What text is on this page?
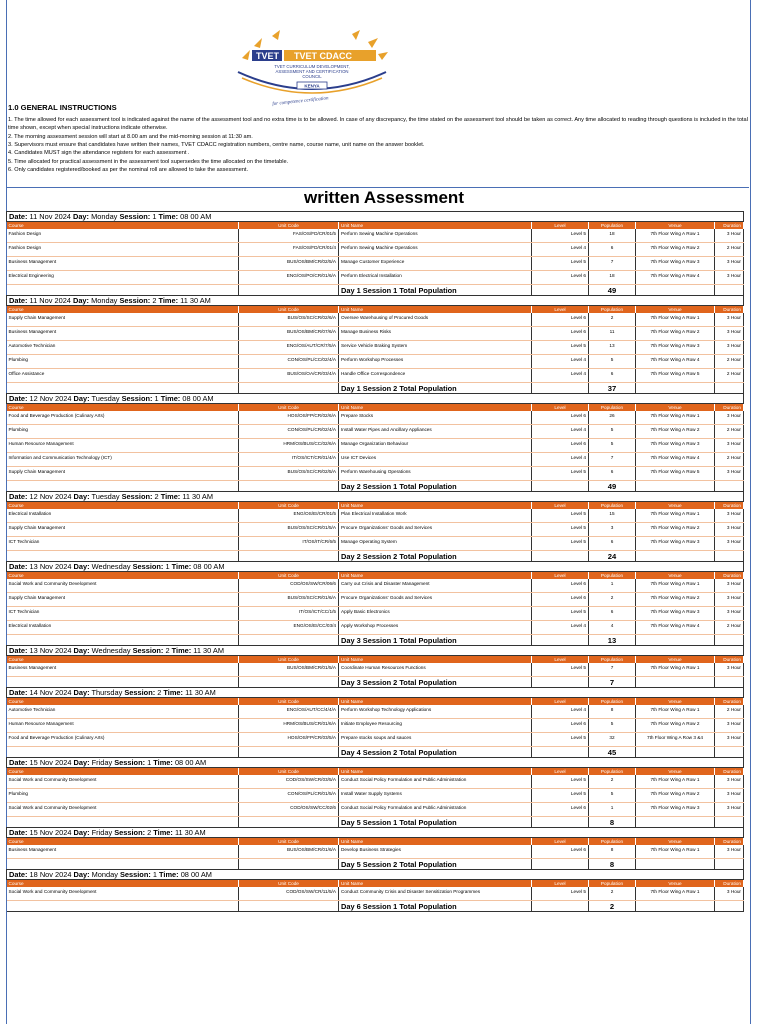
TVET TVET CDACC
TVET CURRICULUM DEVELOPMENT,
ASSESSMENT AND CERTIFICATION
COUNCIL
KENYA
for competence certification
1.0 GENERAL INSTRUCTIONS

1. The time allowed for each assessment tool is indicated against the name of the assessment tool and no extra time is to be allowed. In case of any discrepancy, the time stated on the assessment tool should be taken as correct. Any time allocated to reading through questions is included in the total time shown, except when special instructions indicate otherwise.

2. The morning assessment session will start at 8.00 am and the mid-morning session at 11:30 am.

3. Supervisors must ensure that candidates have written their names, TVET CDACC registration numbers, centre name, course name, unit name on the answer booklet.

4. Candidates MUST sign the attendance registers for each assessment .

5. Time allocated for practical assessment in the assessment tool supersedes the time allocated on the timetable.

6. Only candidates registered/booked as per the nominal roll are allowed to take the assessment.

written Assessment
Date: 11 Nov 2024 Day: Monday Session: 1 Time: 08 00 AM						
Course	Unit Code	Unit Name	Level	Population	Venue	Duration
Fashion Design	FAS/OS/FD/CR/01/5	Perform Sewing Machine Operations	Level 5	18	7th Floor Wing A Row 1	3 Hour
Fashion Design	FAS/OS/FD/CR/01/4	Perform Sewing Machine Operations	Level 4	6	7th Floor Wing A Row 2	2 Hour
Business Management	BUS/OS/BM/CR/02/5/A	Manage Customer Experience	Level 5	7	7th Floor Wing A Row 3	3 Hour
Electrical Engineering	ENG/OS/PO/CR/01/6/A	Perform Electrical Installation	Level 6	18	7th Floor Wing A Row 4	3 Hour
		Day 1 Session 1 Total Population		49		
Date: 11 Nov 2024 Day: Monday Session: 2 Time: 11 30 AM						
Course	Unit Code	Unit Name	Level	Population	Venue	Duration
Supply Chain Management	BUS/OS/SC/CR/02/6/A	Oversee Warehousing of Procured Goods	Level 6	2	7th Floor Wing A Row 1	3 Hour
Business Management	BUS/OS/BM/CR/07/6/A	Manage Business Risks	Level 6	11	7th Floor Wing A Row 2	3 Hour
Automotive Technician	ENG/OS/AUT/CR/7/5/A	Service Vehicle Braking System	Level 5	13	7th Floor Wing A Row 3	3 Hour
Plumbing	CON/OS/PL/CC/02/4/A	Perform Workshop Processes	Level 4	5	7th Floor Wing A Row 4	2 Hour
Office Assistance	BUS/OS/OA/CR/03/4/A	Handle Office Correspondence	Level 4	6	7th Floor Wing A Row 5	2 Hour
		Day 1 Session 2 Total Population		37		
Date: 12 Nov 2024 Day: Tuesday Session: 1 Time: 08 00 AM						
Course	Unit Code	Unit Name	Level	Population	Venue	Duration
Food and Beverage Production (Culinary Arts)	HOS/OS/FP/CR/02/6/A	Prepare Stocks	Level 6	26	7th Floor Wing A Row 1	3 Hour
Plumbing	CON/OS/PL/CR/02/4/A	Install Water Pipes and Ancillary Appliances	Level 4	5	7th Floor Wing A Row 2	2 Hour
Human Resource Management	HRM/OS/BUS/CC/02/6/A	Manage Organization Behaviour	Level 6	5	7th Floor Wing A Row 3	3 Hour
Information and Communication Technology (ICT)	IT/OS/ICT/CR/01/4/A	Use ICT Devices	Level 4	7	7th Floor Wing A Row 4	2 Hour
Supply Chain Management	BUS/OS/SC/CR/02/5/A	Perform Warehousing Operations	Level 5	6	7th Floor Wing A Row 5	3 Hour
		Day 2 Session 1 Total Population		49		
Date: 12 Nov 2024 Day: Tuesday Session: 2 Time: 11 30 AM						
Course	Unit Code	Unit Name	Level	Population	Venue	Duration
Electrical Installation	ENG/OS/EI/CR/01/5	Plan Electrical Installation Work	Level 5	15	7th Floor Wing A Row 1	3 Hour
Supply Chain Management	BUS/OS/SC/CR/01/5/A	Procure Organizations' Goods and Services	Level 5	3	7th Floor Wing A Row 2	3 Hour
ICT Technician	IT/OS/IT/CR/6/5	Manage Operating System	Level 5	6	7th Floor Wing A Row 3	3 Hour
		Day 2 Session 2 Total Population		24		
Date: 13 Nov 2024 Day: Wednesday Session: 1 Time: 08 00 AM						
Course	Unit Code	Unit Name	Level	Population	Venue	Duration
Social Work and Community Development	COD/OS/SW/CR/06/6	Carry out Crisis and Disaster Management	Level 6	1	7th Floor Wing A Row 1	3 Hour
Supply Chain Management	BUS/OS/SC/CR/01/6/A	Procure Organizations' Goods and Services	Level 6	2	7th Floor Wing A Row 2	3 Hour
ICT Technician	IT/OS/ICT/CC/1/5	Apply Basic Electronics	Level 5	6	7th Floor Wing A Row 3	3 Hour
Electrical Installation	ENG/OS/EI/CC/03/4	Apply Workshop Processes	Level 4	4	7th Floor Wing A Row 4	2 Hour
		Day 3 Session 1 Total Population		13		
Date: 13 Nov 2024 Day: Wednesday Session: 2 Time: 11 30 AM						
Course	Unit Code	Unit Name	Level	Population	Venue	Duration
Business Management	BUS/OS/BM/CR/01/5/A	Coordinate Human Resources Functions	Level 5	7	7th Floor Wing A Row 1	3 Hour
		Day 3 Session 2 Total Population		7		
Date: 14 Nov 2024 Day: Thursday Session: 2 Time: 11 30 AM						
Course	Unit Code	Unit Name	Level	Population	Venue	Duration
Automotive Technician	ENG/OS/AUT/CC/4/4/A	Perform Workshop Technology Applications	Level 4	8	7th Floor Wing A Row 1	2 Hour
Human Resource Management	HRM/OS/BUS/CR/01/6/A	Initiate Employee Resourcing	Level 6	5	7th Floor Wing A Row 2	3 Hour
Food and Beverage Production (Culinary Arts)	HOS/OS/FP/CR/03/5/A	Prepare stocks soups and sauces	Level 5	32	7th Floor Wing A Row 3 &4	3 Hour
		Day 4 Session 2 Total Population		45		
Date: 15 Nov 2024 Day: Friday Session: 1 Time: 08 00 AM						
Course	Unit Code	Unit Name	Level	Population	Venue	Duration
Social Work and Community Development	COD/OS/SW/CR/03/5/A	Conduct Social Policy Formulation and Public Administration	Level 5	2	7th Floor Wing A Row 1	3 Hour
Plumbing	CON/OS/PL/CR/01/5/A	Install Water Supply Systems	Level 5	5	7th Floor Wing A Row 2	3 Hour
Social Work and Community Development	COD/OS/SW/CC/02/6	Conduct Social Policy Formulation and Public Administration	Level 6	1	7th Floor Wing A Row 3	3 Hour
		Day 5 Session 1 Total Population		8		
Date: 15 Nov 2024 Day: Friday Session: 2 Time: 11 30 AM						
Course	Unit Code	Unit Name	Level	Population	Venue	Duration
Business Management	BUS/OS/BM/CR/01/6/A	Develop Business Strategies	Level 6	8	7th Floor Wing A Row 1	3 Hour
		Day 5 Session 2 Total Population		8		
Date: 18 Nov 2024 Day: Monday Session: 1 Time: 08 00 AM						
Course	Unit Code	Unit Name	Level	Population	Venue	Duration
Social Work and Community Development	COD/OS/SW/CR/11/5/A	Conduct Community Crisis and Disaster Sensitization Programmes	Level 5	2	7th Floor Wing A Row 1	3 Hour
		Day 6 Session 1 Total Population		2		
